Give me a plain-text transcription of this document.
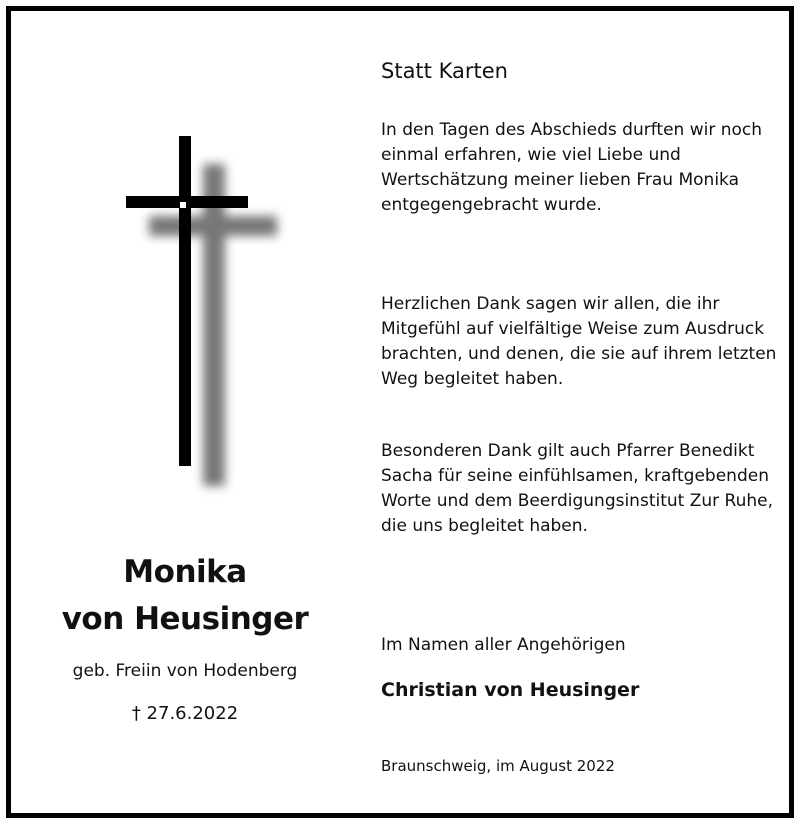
Monika
von Heusinger
geb. Freiin von Hodenberg
† 27.6.2022
Statt Karten
In den Tagen des Abschieds durften wir noch einmal erfahren, wie viel Liebe und Wertschätzung meiner lieben Frau Monika entgegengebracht wurde.
Herzlichen Dank sagen wir allen, die ihr Mitgefühl auf vielfältige Weise zum Ausdruck brachten, und denen, die sie auf ihrem letzten Weg begleitet haben.
Besonderen Dank gilt auch Pfarrer Benedikt Sacha für seine einfühlsamen, kraftgebenden Worte und dem Beerdigungsinstitut Zur Ruhe, die uns begleitet haben.
Im Namen aller Angehörigen
Christian von Heusinger
Braunschweig, im August 2022
